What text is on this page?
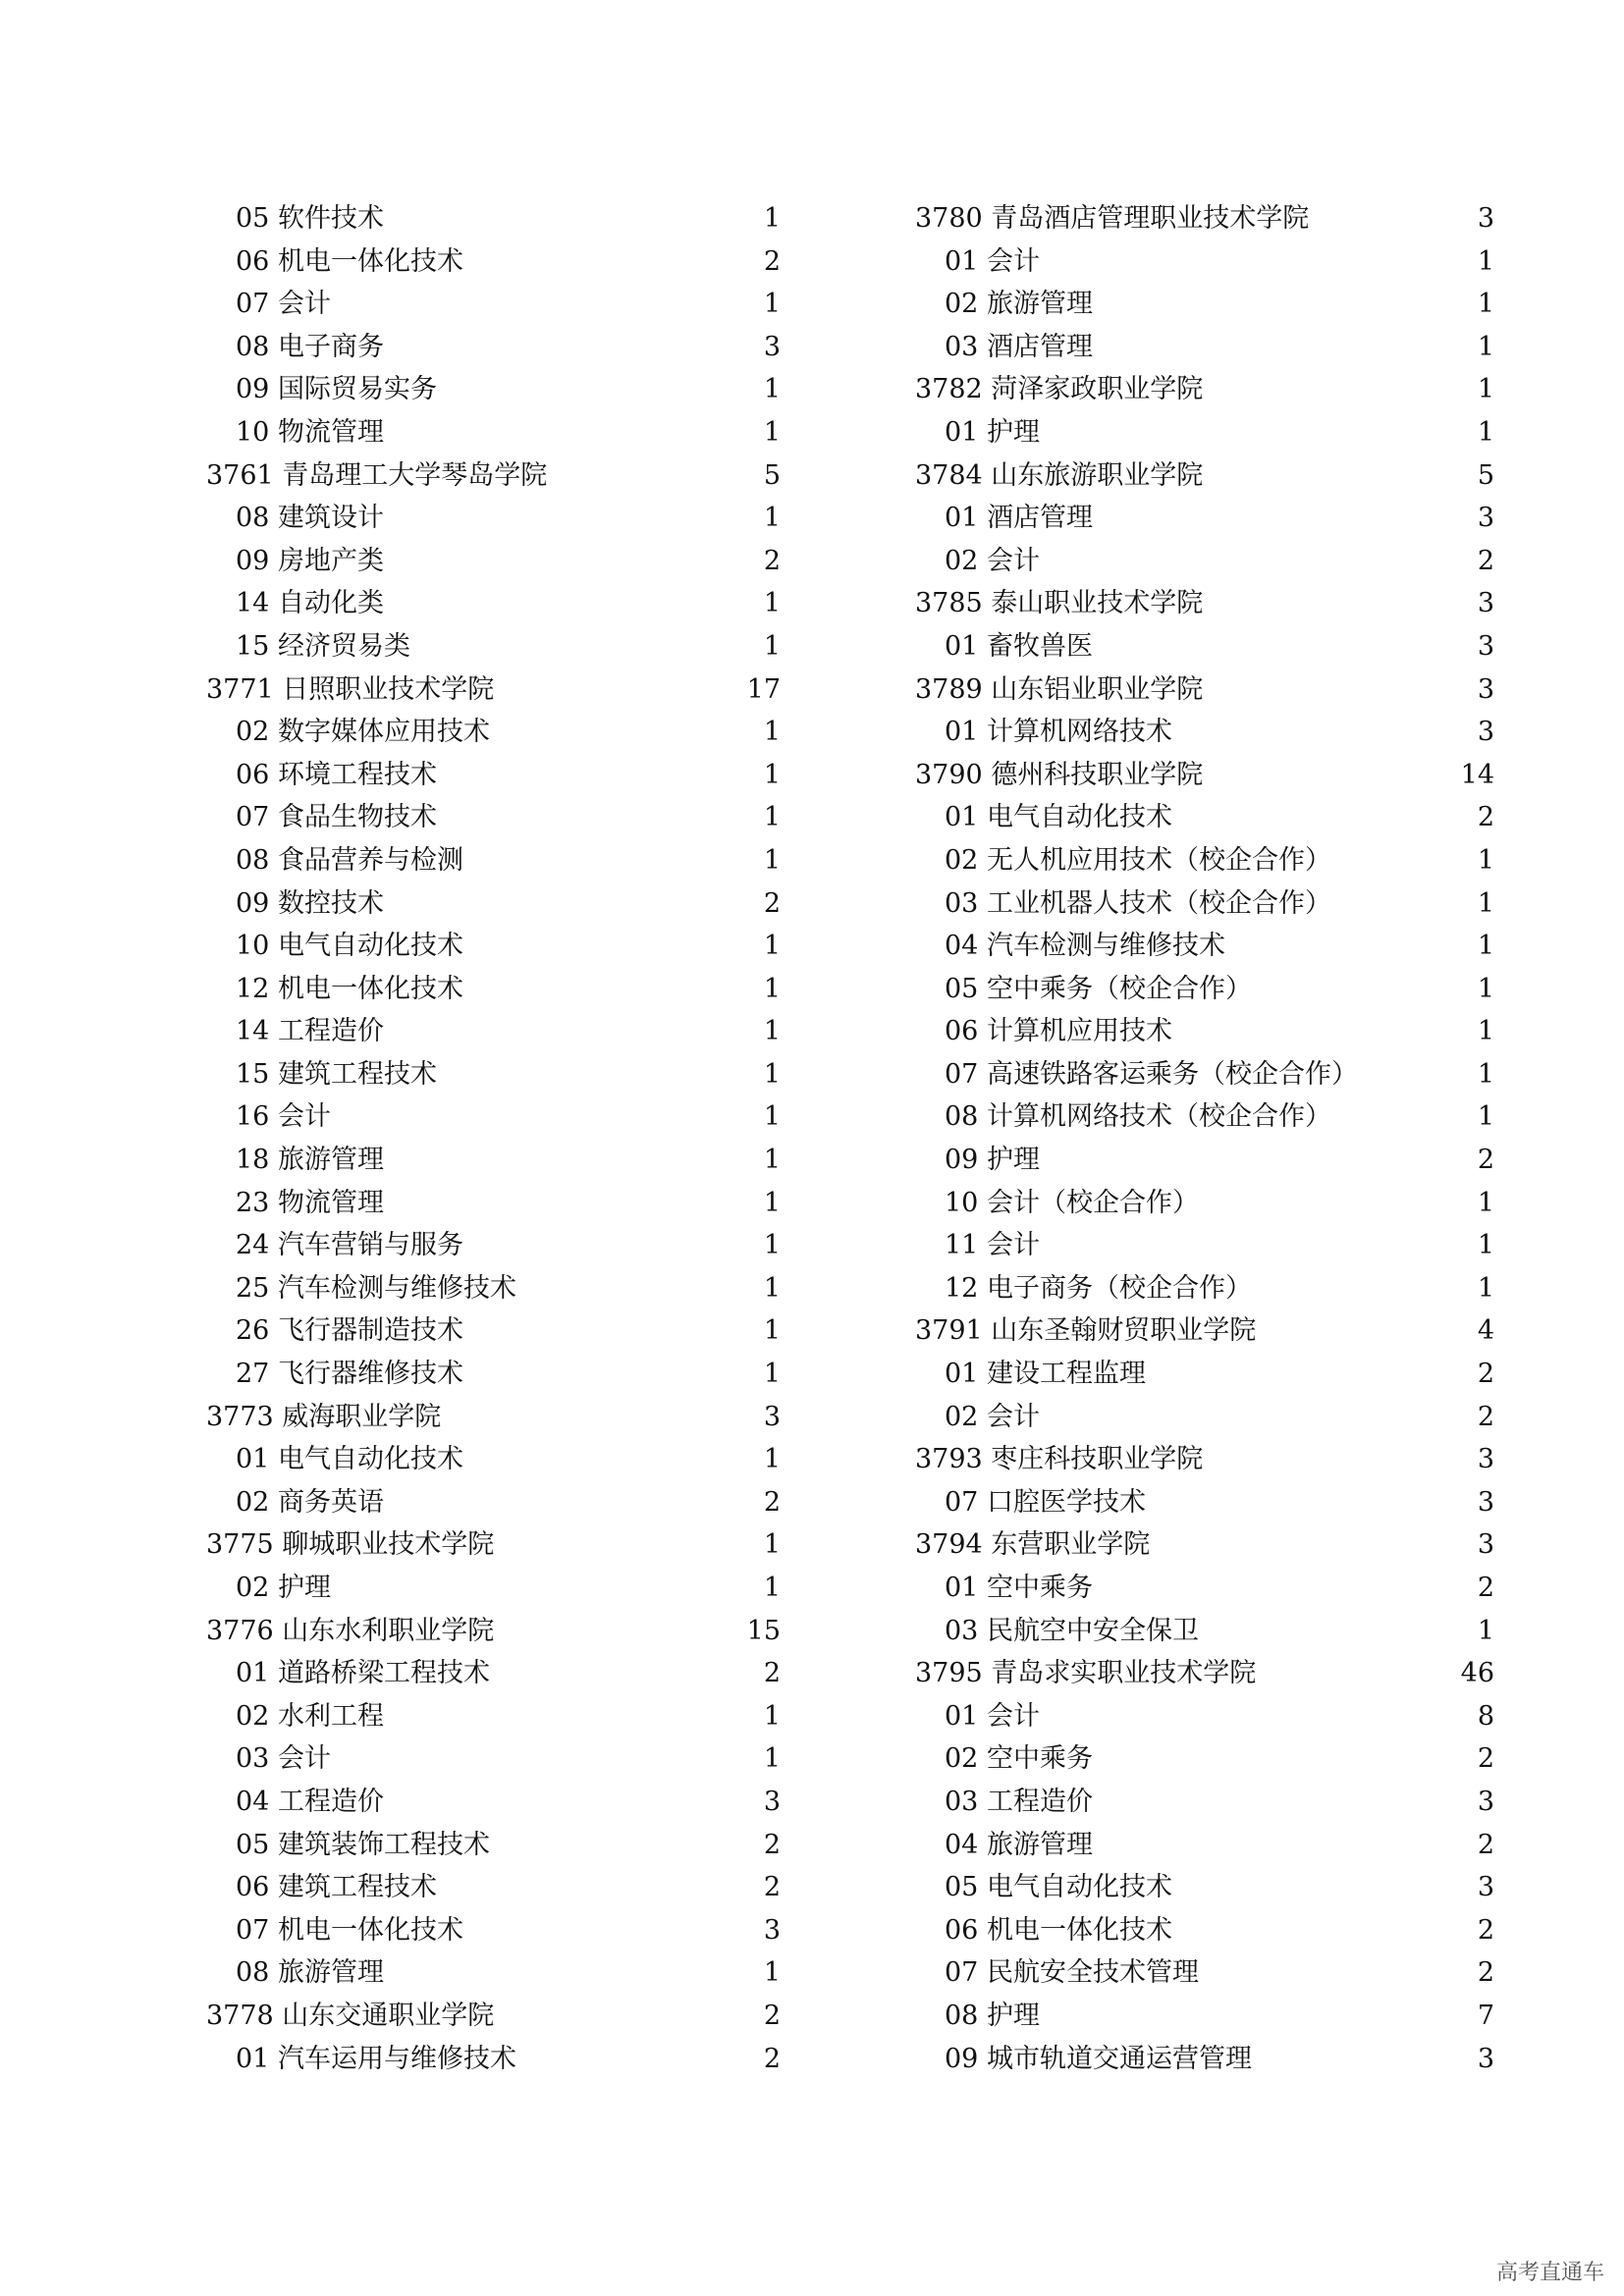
05 软件技术	1
06 机电一体化技术	2
07 会计	1
08 电子商务	3
09 国际贸易实务	1
10 物流管理	1
3761 青岛理工大学琴岛学院	5
08 建筑设计	1
09 房地产类	2
14 自动化类	1
15 经济贸易类	1
3771 日照职业技术学院	17
02 数字媒体应用技术	1
06 环境工程技术	1
07 食品生物技术	1
08 食品营养与检测	1
09 数控技术	2
10 电气自动化技术	1
12 机电一体化技术	1
14 工程造价	1
15 建筑工程技术	1
16 会计	1
18 旅游管理	1
23 物流管理	1
24 汽车营销与服务	1
25 汽车检测与维修技术	1
26 飞行器制造技术	1
27 飞行器维修技术	1
3773 威海职业学院	3
01 电气自动化技术	1
02 商务英语	2
3775 聊城职业技术学院	1
02 护理	1
3776 山东水利职业学院	15
01 道路桥梁工程技术	2
02 水利工程	1
03 会计	1
04 工程造价	3
05 建筑装饰工程技术	2
06 建筑工程技术	2
07 机电一体化技术	3
08 旅游管理	1
3778 山东交通职业学院	2
01 汽车运用与维修技术	2
3780 青岛酒店管理职业技术学院	3
01 会计	1
02 旅游管理	1
03 酒店管理	1
3782 菏泽家政职业学院	1
01 护理	1
3784 山东旅游职业学院	5
01 酒店管理	3
02 会计	2
3785 泰山职业技术学院	3
01 畜牧兽医	3
3789 山东铝业职业学院	3
01 计算机网络技术	3
3790 德州科技职业学院	14
01 电气自动化技术	2
02 无人机应用技术（校企合作）	1
03 工业机器人技术（校企合作）	1
04 汽车检测与维修技术	1
05 空中乘务（校企合作）	1
06 计算机应用技术	1
07 高速铁路客运乘务（校企合作）	1
08 计算机网络技术（校企合作）	1
09 护理	2
10 会计（校企合作）	1
11 会计	1
12 电子商务（校企合作）	1
3791 山东圣翰财贸职业学院	4
01 建设工程监理	2
02 会计	2
3793 枣庄科技职业学院	3
07 口腔医学技术	3
3794 东营职业学院	3
01 空中乘务	2
03 民航空中安全保卫	1
3795 青岛求实职业技术学院	46
01 会计	8
02 空中乘务	2
03 工程造价	3
04 旅游管理	2
05 电气自动化技术	3
06 机电一体化技术	2
07 民航安全技术管理	2
08 护理	7
09 城市轨道交通运营管理	3
高考直通车
